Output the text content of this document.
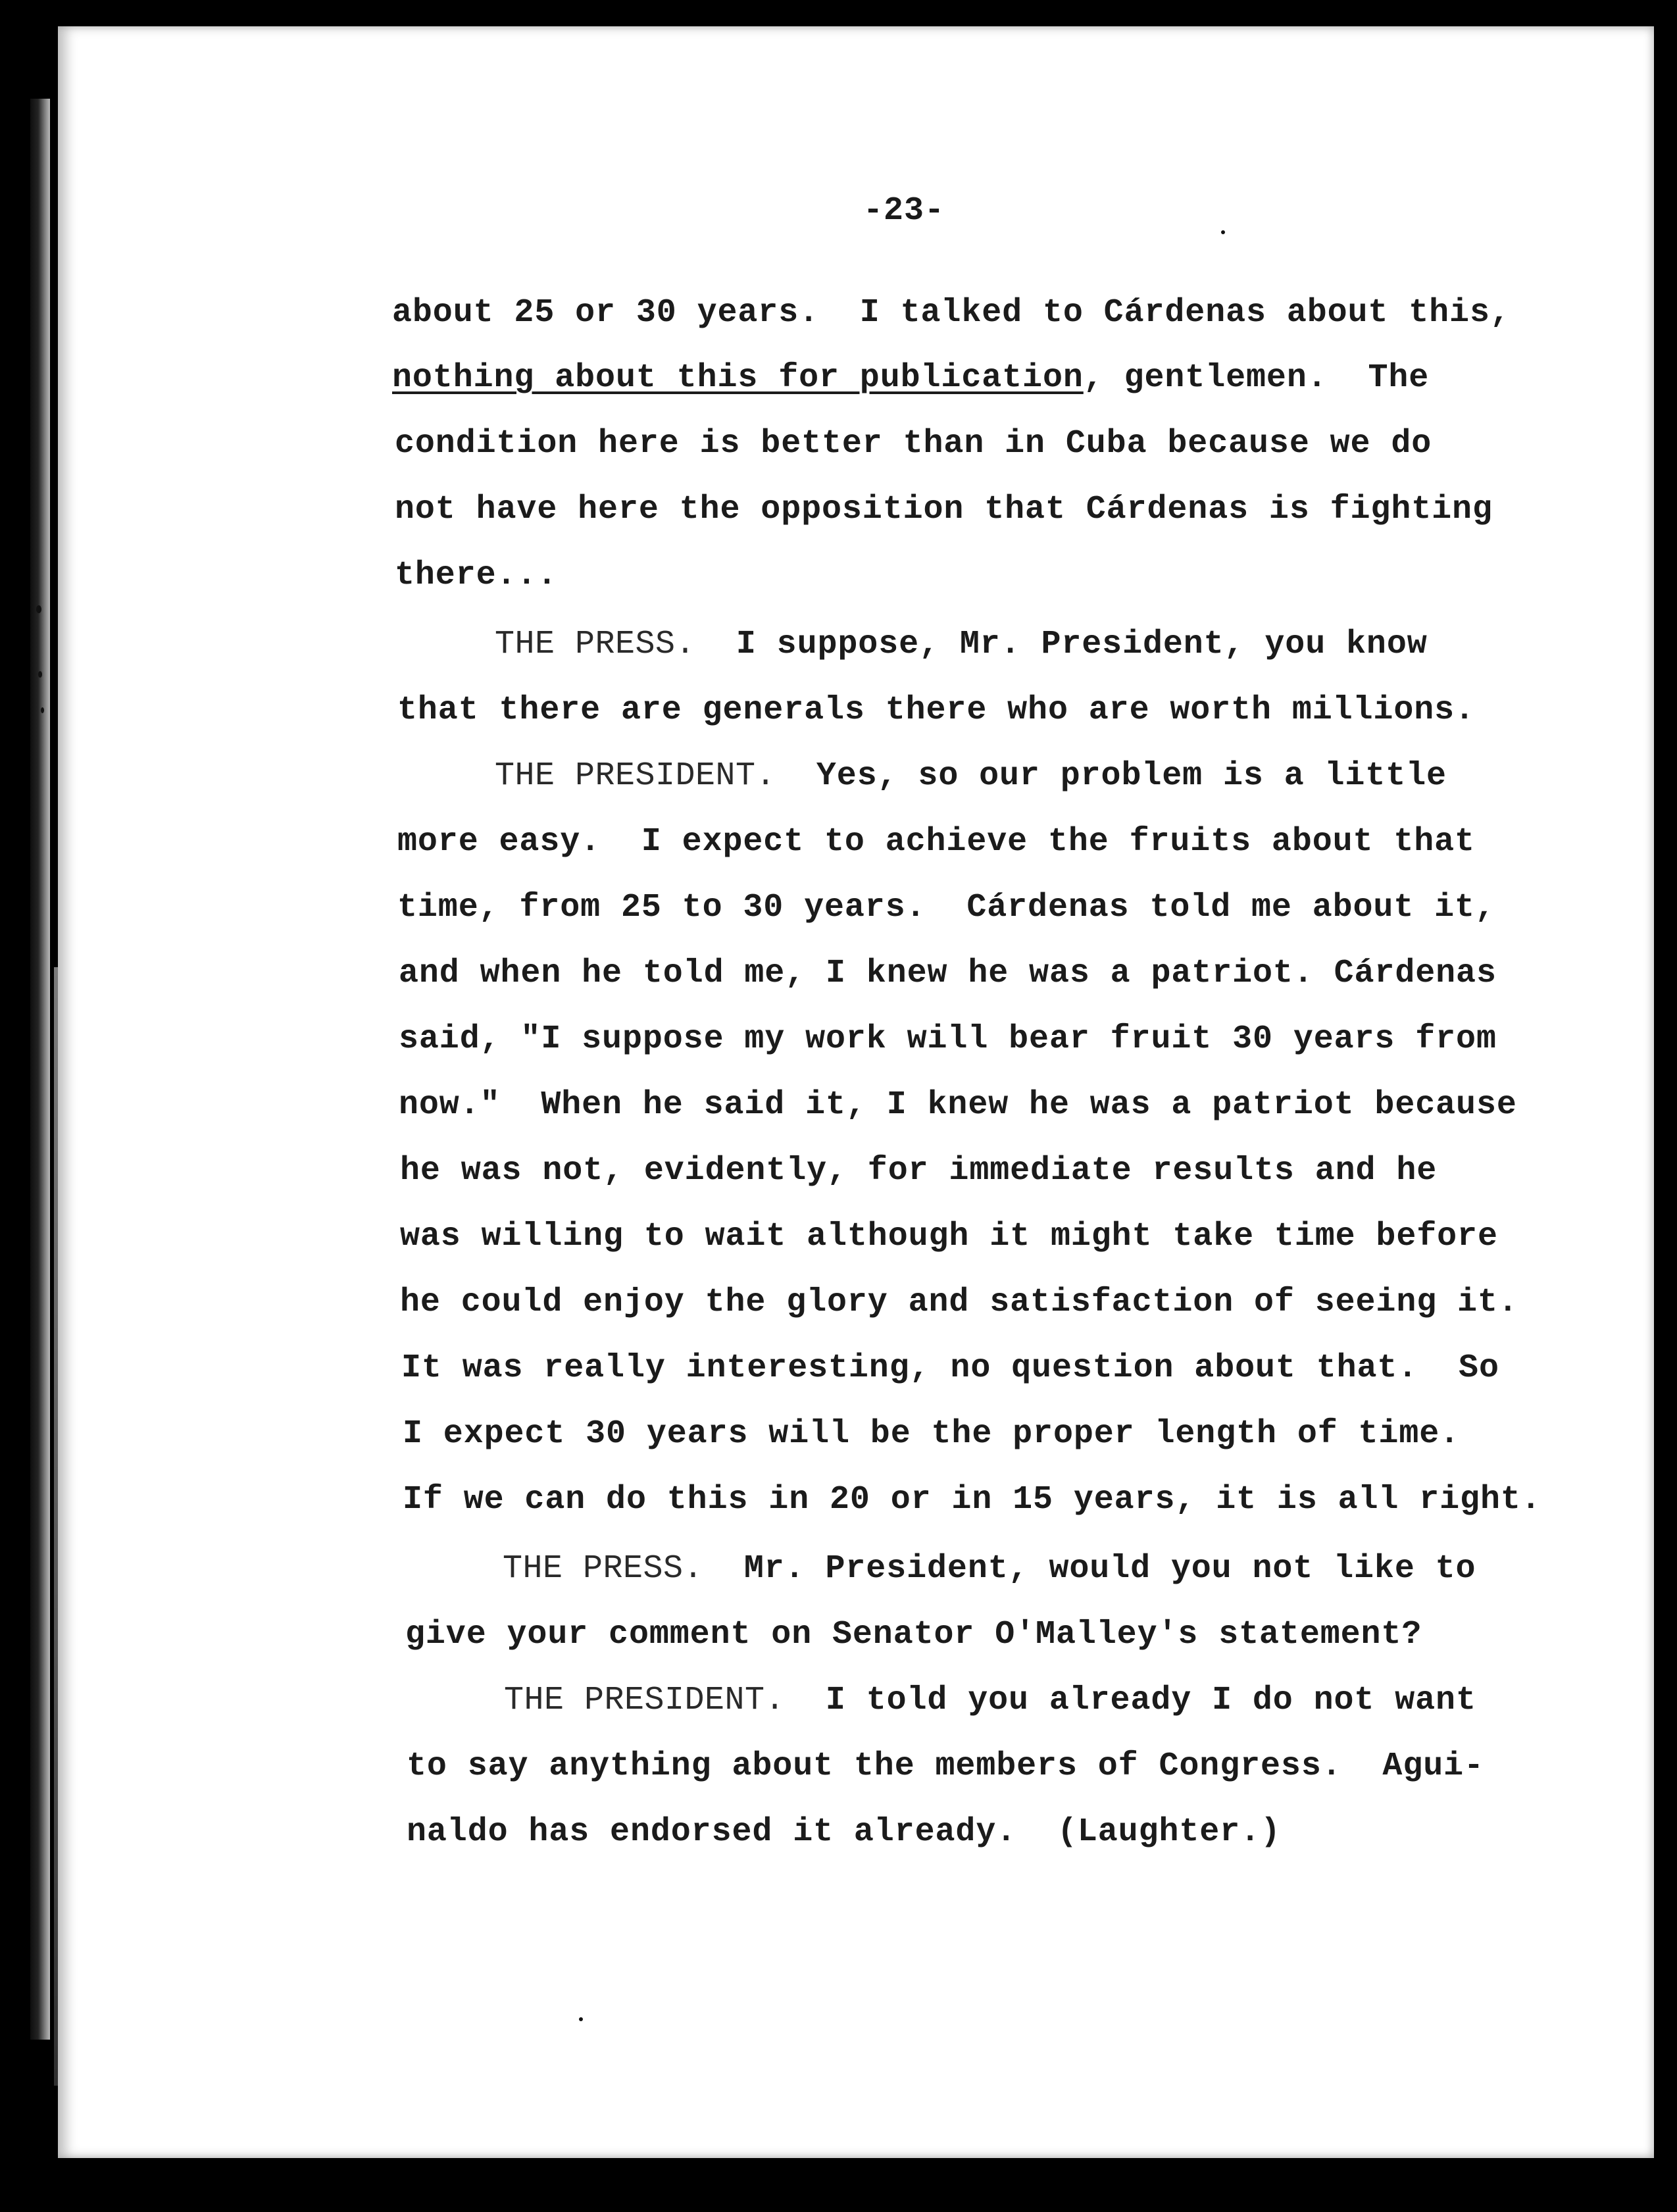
-23-
about 25 or 30 years.  I talked to Cárdenas about this,
nothing about this for publication, gentlemen.  The
condition here is better than in Cuba because we do
not have here the opposition that Cárdenas is fighting
there...
THE PRESS.  I suppose, Mr. President, you know
that there are generals there who are worth millions.
THE PRESIDENT.  Yes, so our problem is a little
more easy.  I expect to achieve the fruits about that
time, from 25 to 30 years.  Cárdenas told me about it,
and when he told me, I knew he was a patriot. Cárdenas
said, "I suppose my work will bear fruit 30 years from
now."  When he said it, I knew he was a patriot because
he was not, evidently, for immediate results and he
was willing to wait although it might take time before
he could enjoy the glory and satisfaction of seeing it.
It was really interesting, no question about that.  So
I expect 30 years will be the proper length of time.
If we can do this in 20 or in 15 years, it is all right.
THE PRESS.  Mr. President, would you not like to
give your comment on Senator O'Malley's statement?
THE PRESIDENT.  I told you already I do not want
to say anything about the members of Congress.  Agui-
naldo has endorsed it already.  (Laughter.)
